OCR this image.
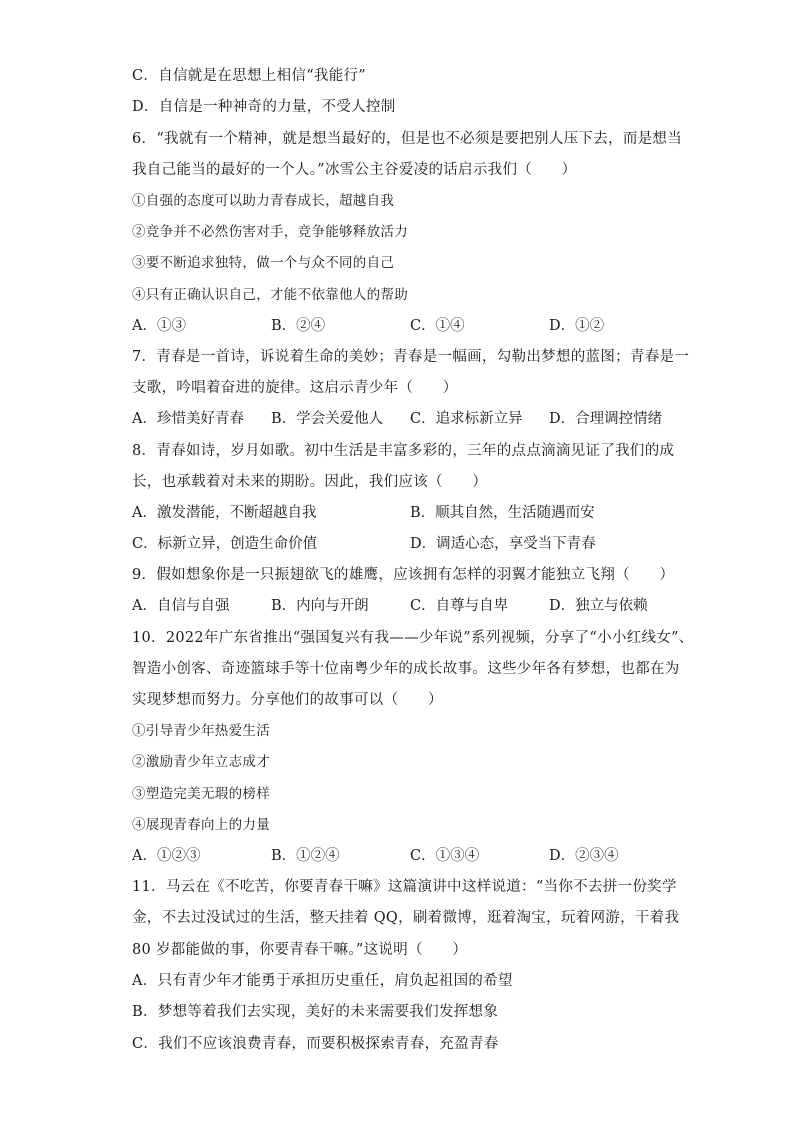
C．自信就是在思想上相信“我能行”
D．自信是一种神奇的力量，不受人控制
6．“我就有一个精神，就是想当最好的，但是也不必须是要把别人压下去，而是想当
我自己能当的最好的一个人。”冰雪公主谷爱凌的话启示我们（　　）
①自强的态度可以助力青春成长，超越自我
②竞争并不必然伤害对手，竞争能够释放活力
③要不断追求独特，做一个与众不同的自己
④只有正确认识自己，才能不依靠他人的帮助
A．①③	B．②④	C．①④	D．①②
7．青春是一首诗，诉说着生命的美妙；青春是一幅画，勾勒出梦想的蓝图；青春是一
支歌，吟唱着奋进的旋律。这启示青少年（　　）
A．珍惜美好青春 B．学会关爱他人 C．追求标新立异 D．合理调控情绪
8．青春如诗，岁月如歌。初中生活是丰富多彩的，三年的点点滴滴见证了我们的成
长，也承载着对未来的期盼。因此，我们应该（　　）
A．激发潜能，不断超越自我	B．顺其自然，生活随遇而安
C．标新立异，创造生命价值	D．调适心态，享受当下青春
9．假如想象你是一只振翅欲飞的雄鹰，应该拥有怎样的羽翼才能独立飞翔（　　）
A．自信与自强	B．内向与开朗	C．自尊与自卑	D．独立与依赖
10．2022年广东省推出“强国复兴有我——少年说”系列视频，分享了“小小红线女”、
智造小创客、奇迹篮球手等十位南粤少年的成长故事。这些少年各有梦想，也都在为
实现梦想而努力。分享他们的故事可以（　　）
①引导青少年热爱生活
②激励青少年立志成才
③塑造完美无瑕的榜样
④展现青春向上的力量
A．①②③	B．①②④	C．①③④	D．②③④
11．马云在《不吃苦，你要青春干嘛》这篇演讲中这样说道：“当你不去拼一份奖学
金，不去过没试过的生活，整天挂着 QQ，刷着微博，逛着淘宝，玩着网游，干着我
80 岁都能做的事，你要青春干嘛。”这说明（　　）
A．只有青少年才能勇于承担历史重任，肩负起祖国的希望
B．梦想等着我们去实现，美好的未来需要我们发挥想象
C．我们不应该浪费青春，而要积极探索青春，充盈青春
